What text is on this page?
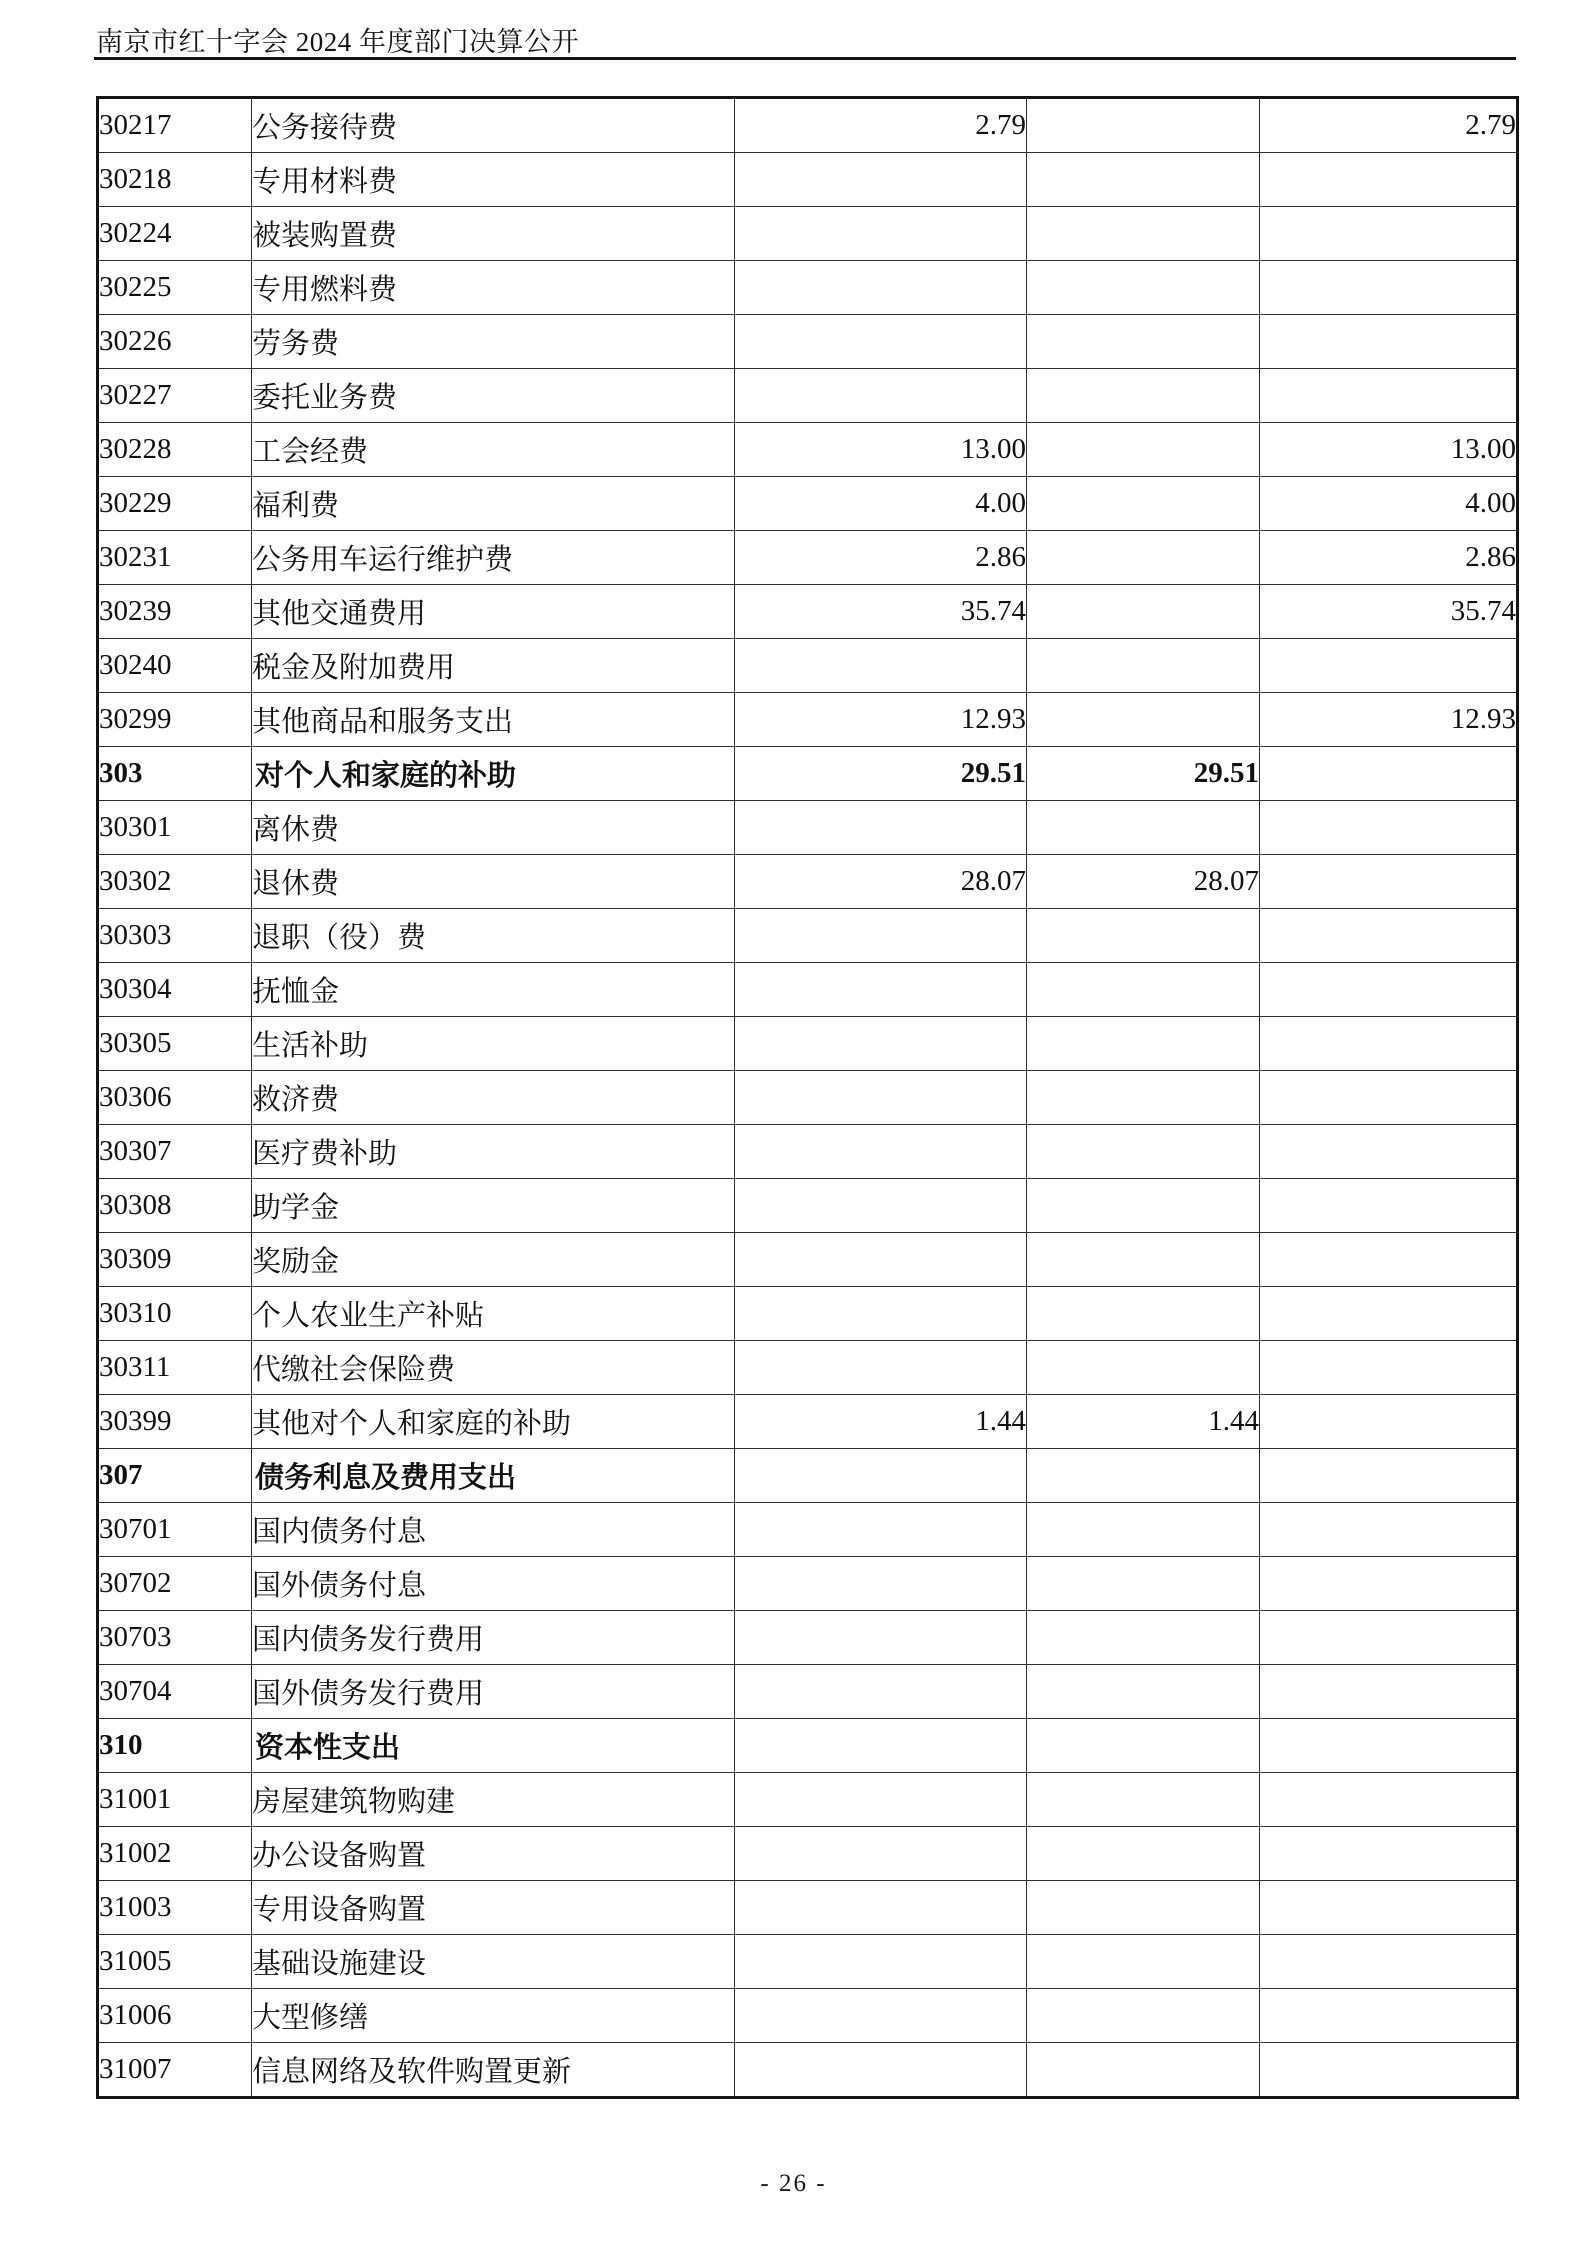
南京市红十字会 2024 年度部门决算公开
30217	公务接待费	2.79		2.79
30218	专用材料费			
30224	被装购置费			
30225	专用燃料费			
30226	劳务费			
30227	委托业务费			
30228	工会经费	13.00		13.00
30229	福利费	4.00		4.00
30231	公务用车运行维护费	2.86		2.86
30239	其他交通费用	35.74		35.74
30240	税金及附加费用			
30299	其他商品和服务支出	12.93		12.93
303	对个人和家庭的补助	29.51	29.51	
30301	离休费			
30302	退休费	28.07	28.07	
30303	退职（役）费			
30304	抚恤金			
30305	生活补助			
30306	救济费			
30307	医疗费补助			
30308	助学金			
30309	奖励金			
30310	个人农业生产补贴			
30311	代缴社会保险费			
30399	其他对个人和家庭的补助	1.44	1.44	
307	债务利息及费用支出			
30701	国内债务付息			
30702	国外债务付息			
30703	国内债务发行费用			
30704	国外债务发行费用			
310	资本性支出			
31001	房屋建筑物购建			
31002	办公设备购置			
31003	专用设备购置			
31005	基础设施建设			
31006	大型修缮			
31007	信息网络及软件购置更新			
- 26 -
